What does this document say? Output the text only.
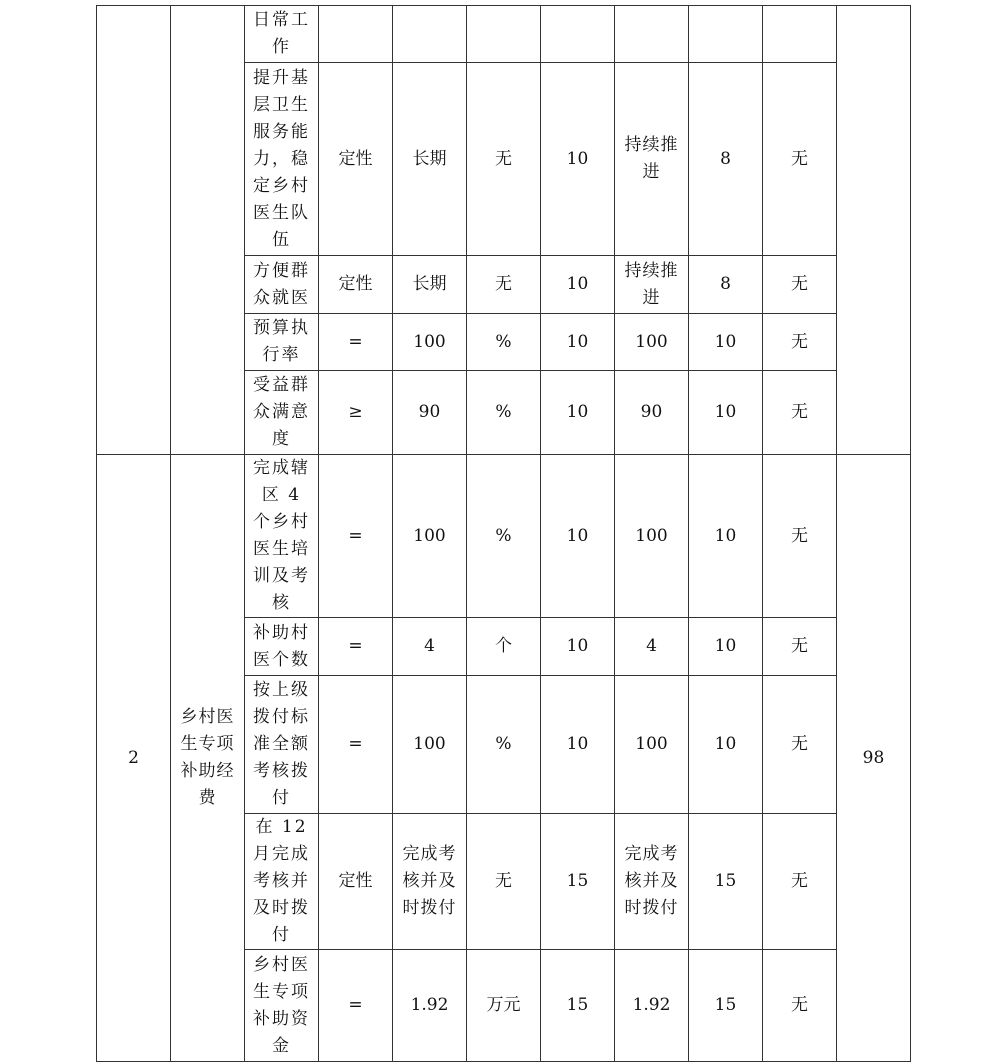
		日常工作								
		提升基层卫生服务能力，稳定乡村医生队伍	定性	长期	无	10	持续推进	8	无	
		方便群众就医	定性	长期	无	10	持续推进	8	无	
		预算执行率	=	100	%	10	100	10	无	
		受益群众满意度	≥	90	%	10	90	10	无	
2	乡村医生专项补助经费	完成辖区 4 个乡村医生培训及考核	=	100	%	10	100	10	无	98
		补助村医个数	=	4	个	10	4	10	无	
		按上级拨付标准全额考核拨付	=	100	%	10	100	10	无	
		在 12 月完成考核并及时拨付	定性	完成考核并及时拨付	无	15	完成考核并及时拨付	15	无	
		乡村医生专项补助资金	=	1.92	万元	15	1.92	15	无	
